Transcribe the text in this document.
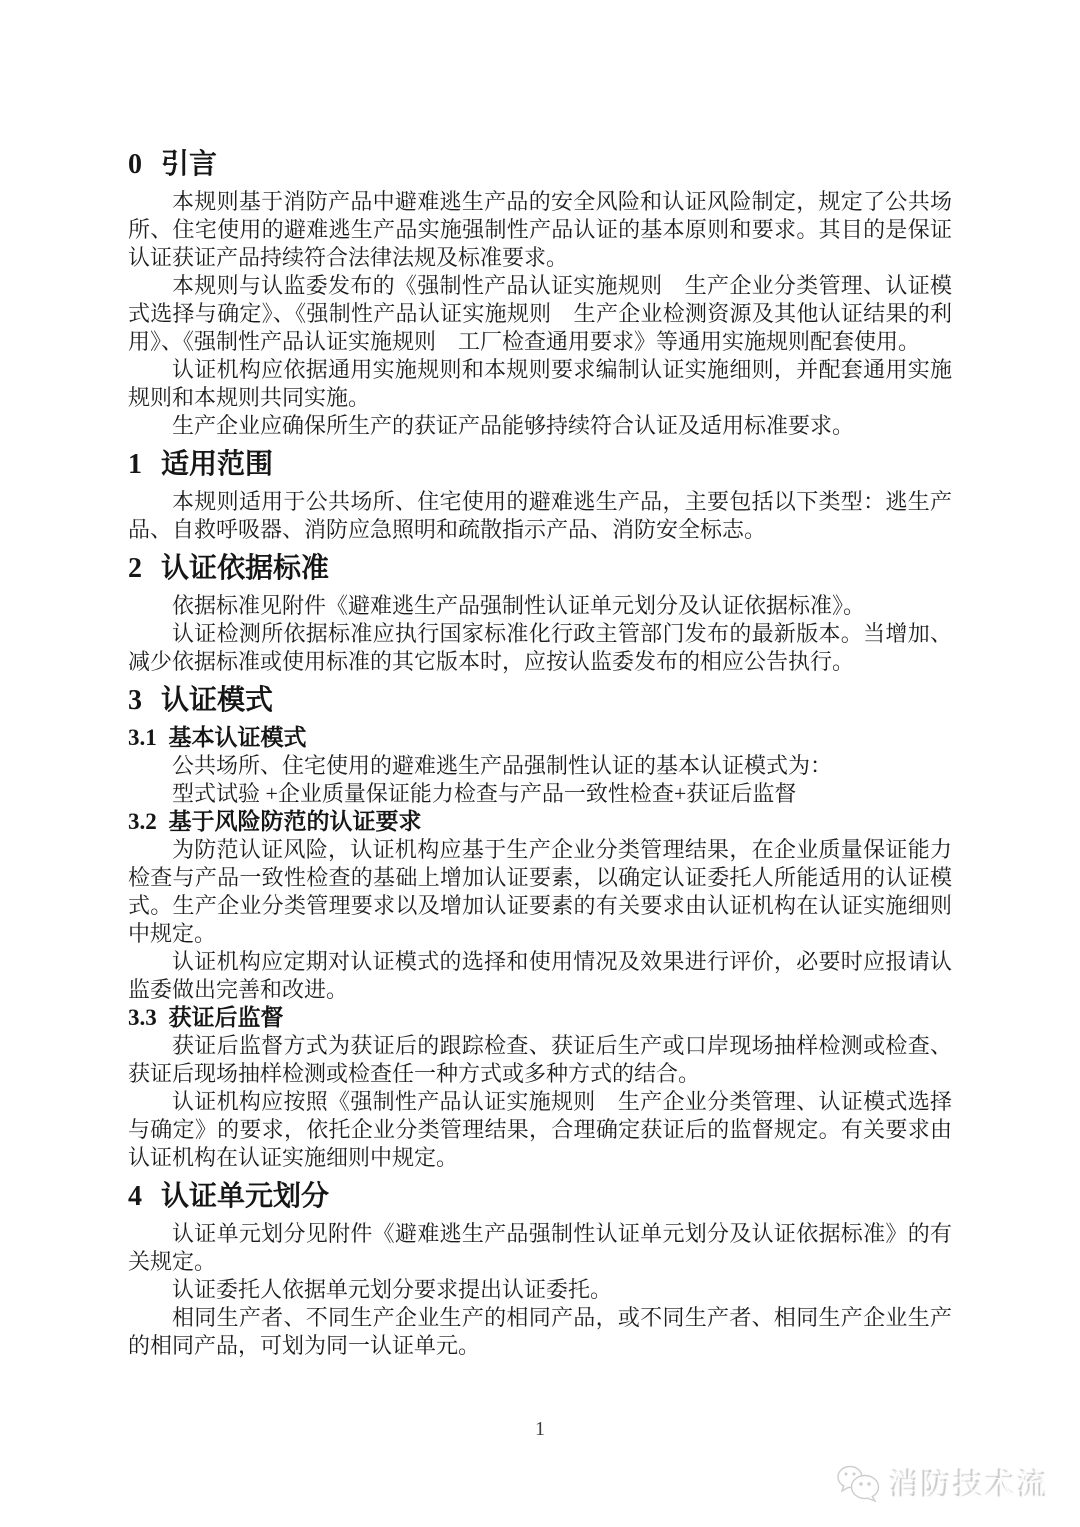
0 引言

本规则基于消防产品中避难逃生产品的安全风险和认证风险制定，规定了公共场所、住宅使用的避难逃生产品实施强制性产品认证的基本原则和要求。其目的是保证认证获证产品持续符合法律法规及标准要求。

本规则与认监委发布的《强制性产品认证实施规则　生产企业分类管理、认证模式选择与确定》、《强制性产品认证实施规则　生产企业检测资源及其他认证结果的利用》、《强制性产品认证实施规则　工厂检查通用要求》等通用实施规则配套使用。

认证机构应依据通用实施规则和本规则要求编制认证实施细则，并配套通用实施规则和本规则共同实施。

生产企业应确保所生产的获证产品能够持续符合认证及适用标准要求。

1 适用范围

本规则适用于公共场所、住宅使用的避难逃生产品，主要包括以下类型：逃生产品、自救呼吸器、消防应急照明和疏散指示产品、消防安全标志。

2 认证依据标准

依据标准见附件《避难逃生产品强制性认证单元划分及认证依据标准》。

认证检测所依据标准应执行国家标准化行政主管部门发布的最新版本。当增加、减少依据标准或使用标准的其它版本时，应按认监委发布的相应公告执行。

3 认证模式
3.1 基本认证模式

公共场所、住宅使用的避难逃生产品强制性认证的基本认证模式为：

型式试验 +企业质量保证能力检查与产品一致性检查+获证后监督

3.2 基于风险防范的认证要求

为防范认证风险，认证机构应基于生产企业分类管理结果，在企业质量保证能力检查与产品一致性检查的基础上增加认证要素，以确定认证委托人所能适用的认证模式。生产企业分类管理要求以及增加认证要素的有关要求由认证机构在认证实施细则中规定。

认证机构应定期对认证模式的选择和使用情况及效果进行评价，必要时应报请认监委做出完善和改进。

3.3 获证后监督

获证后监督方式为获证后的跟踪检查、获证后生产或口岸现场抽样检测或检查、获证后现场抽样检测或检查任一种方式或多种方式的结合。

认证机构应按照《强制性产品认证实施规则　生产企业分类管理、认证模式选择与确定》的要求，依托企业分类管理结果，合理确定获证后的监督规定。有关要求由认证机构在认证实施细则中规定。

4 认证单元划分

认证单元划分见附件《避难逃生产品强制性认证单元划分及认证依据标准》的有关规定。

认证委托人依据单元划分要求提出认证委托。

相同生产者、不同生产企业生产的相同产品，或不同生产者、相同生产企业生产的相同产品，可划为同一认证单元。

1
消防技术流
